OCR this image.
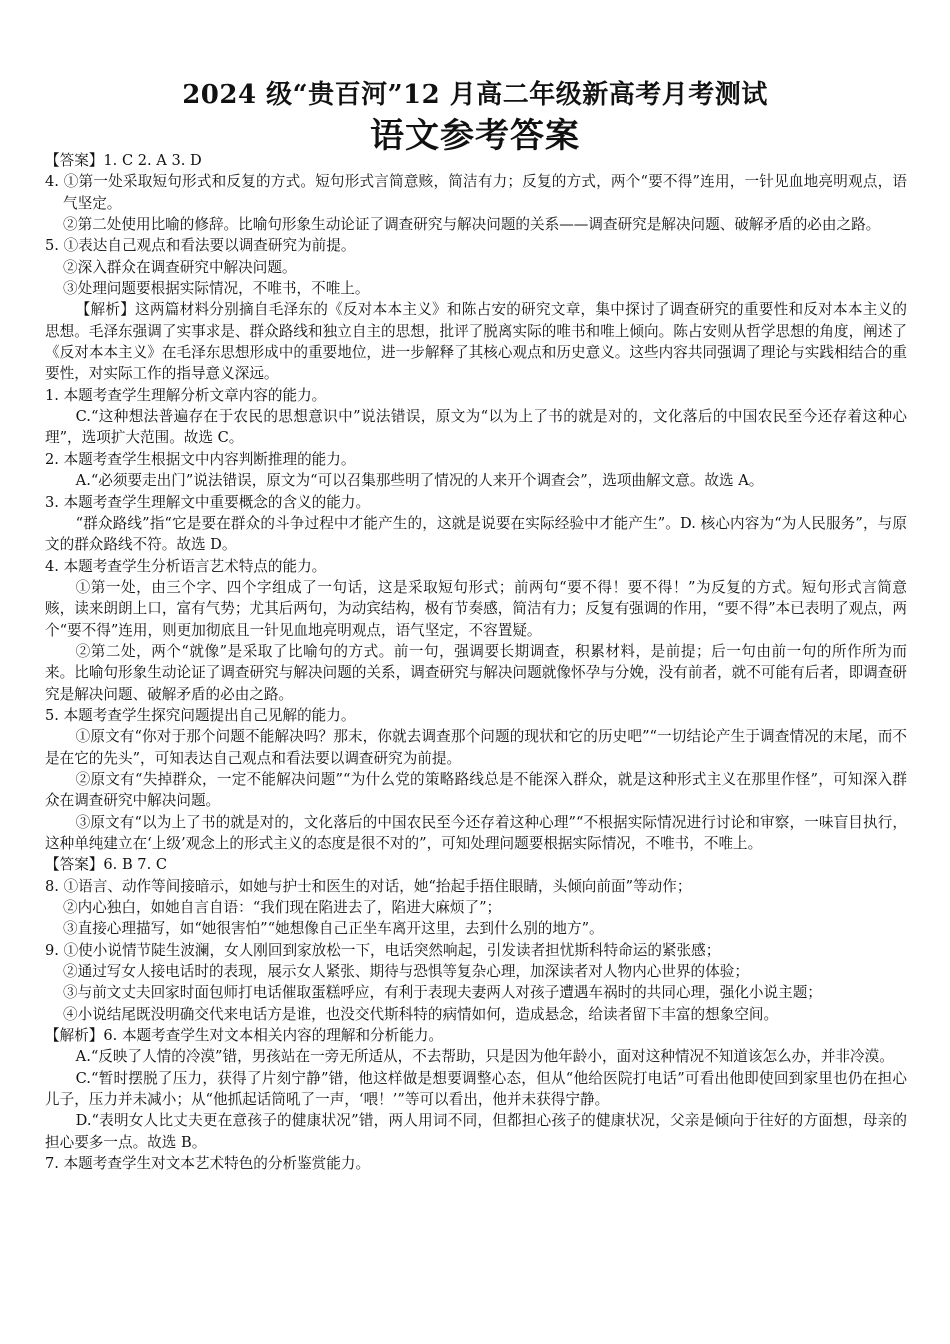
2024 级“贵百河”12 月高二年级新高考月考测试
语文参考答案

【答案】1. C 2. A 3. D

4. ①第一处采取短句形式和反复的方式。短句形式言简意赅，简洁有力；反复的方式，两个“要不得”连用，一针见血地亮明观点，语气坚定。

②第二处使用比喻的修辞。比喻句形象生动论证了调查研究与解决问题的关系——调查研究是解决问题、破解矛盾的必由之路。

5. ①表达自己观点和看法要以调查研究为前提。

②深入群众在调查研究中解决问题。

③处理问题要根据实际情况，不唯书，不唯上。

【解析】这两篇材料分别摘自毛泽东的《反对本本主义》和陈占安的研究文章，集中探讨了调查研究的重要性和反对本本主义的思想。毛泽东强调了实事求是、群众路线和独立自主的思想，批评了脱离实际的唯书和唯上倾向。陈占安则从哲学思想的角度，阐述了《反对本本主义》在毛泽东思想形成中的重要地位，进一步解释了其核心观点和历史意义。这些内容共同强调了理论与实践相结合的重要性，对实际工作的指导意义深远。

1. 本题考查学生理解分析文章内容的能力。

C.“这种想法普遍存在于农民的思想意识中”说法错误，原文为“以为上了书的就是对的，文化落后的中国农民至今还存着这种心理”，选项扩大范围。故选 C。

2. 本题考查学生根据文中内容判断推理的能力。

A.“必须要走出门”说法错误，原文为“可以召集那些明了情况的人来开个调查会”，选项曲解文意。故选 A。

3. 本题考查学生理解文中重要概念的含义的能力。

“群众路线”指“它是要在群众的斗争过程中才能产生的，这就是说要在实际经验中才能产生”。D. 核心内容为“为人民服务”，与原文的群众路线不符。故选 D。

4. 本题考查学生分析语言艺术特点的能力。

①第一处，由三个字、四个字组成了一句话，这是采取短句形式；前两句“要不得！要不得！”为反复的方式。短句形式言简意赅，读来朗朗上口，富有气势；尤其后两句，为动宾结构，极有节奏感，简洁有力；反复有强调的作用，“要不得”本已表明了观点，两个“要不得”连用，则更加彻底且一针见血地亮明观点，语气坚定，不容置疑。

②第二处，两个“就像”是采取了比喻句的方式。前一句，强调要长期调查，积累材料，是前提；后一句由前一句的所作所为而来。比喻句形象生动论证了调查研究与解决问题的关系，调查研究与解决问题就像怀孕与分娩，没有前者，就不可能有后者，即调查研究是解决问题、破解矛盾的必由之路。

5. 本题考查学生探究问题提出自己见解的能力。

①原文有“你对于那个问题不能解决吗？那末，你就去调查那个问题的现状和它的历史吧”“一切结论产生于调查情况的末尾，而不是在它的先头”，可知表达自己观点和看法要以调查研究为前提。

②原文有“失掉群众，一定不能解决问题”“为什么党的策略路线总是不能深入群众，就是这种形式主义在那里作怪”，可知深入群众在调查研究中解决问题。

③原文有“以为上了书的就是对的，文化落后的中国农民至今还存着这种心理”“不根据实际情况进行讨论和审察，一味盲目执行，这种单纯建立在‘上级’观念上的形式主义的态度是很不对的”，可知处理问题要根据实际情况，不唯书，不唯上。

【答案】6. B 7. C

8. ①语言、动作等间接暗示，如她与护士和医生的对话，她“抬起手捂住眼睛，头倾向前面”等动作；

②内心独白，如她自言自语：“我们现在陷进去了，陷进大麻烦了”；

③直接心理描写，如“她很害怕”“她想像自己正坐车离开这里，去到什么别的地方”。

9. ①使小说情节陡生波澜，女人刚回到家放松一下，电话突然响起，引发读者担忧斯科特命运的紧张感；

②通过写女人接电话时的表现，展示女人紧张、期待与恐惧等复杂心理，加深读者对人物内心世界的体验；

③与前文丈夫回家时面包师打电话催取蛋糕呼应，有利于表现夫妻两人对孩子遭遇车祸时的共同心理，强化小说主题；

④小说结尾既没明确交代来电话方是谁，也没交代斯科特的病情如何，造成悬念，给读者留下丰富的想象空间。

【解析】6. 本题考查学生对文本相关内容的理解和分析能力。

A.“反映了人情的冷漠”错，男孩站在一旁无所适从，不去帮助，只是因为他年龄小，面对这种情况不知道该怎么办，并非冷漠。

C.“暂时摆脱了压力，获得了片刻宁静”错，他这样做是想要调整心态，但从“他给医院打电话”可看出他即使回到家里也仍在担心儿子，压力并未减小；从“他抓起话筒吼了一声，‘喂！’”等可以看出，他并未获得宁静。

D.“表明女人比丈夫更在意孩子的健康状况”错，两人用词不同，但都担心孩子的健康状况，父亲是倾向于往好的方面想，母亲的担心要多一点。故选 B。

7. 本题考查学生对文本艺术特色的分析鉴赏能力。
